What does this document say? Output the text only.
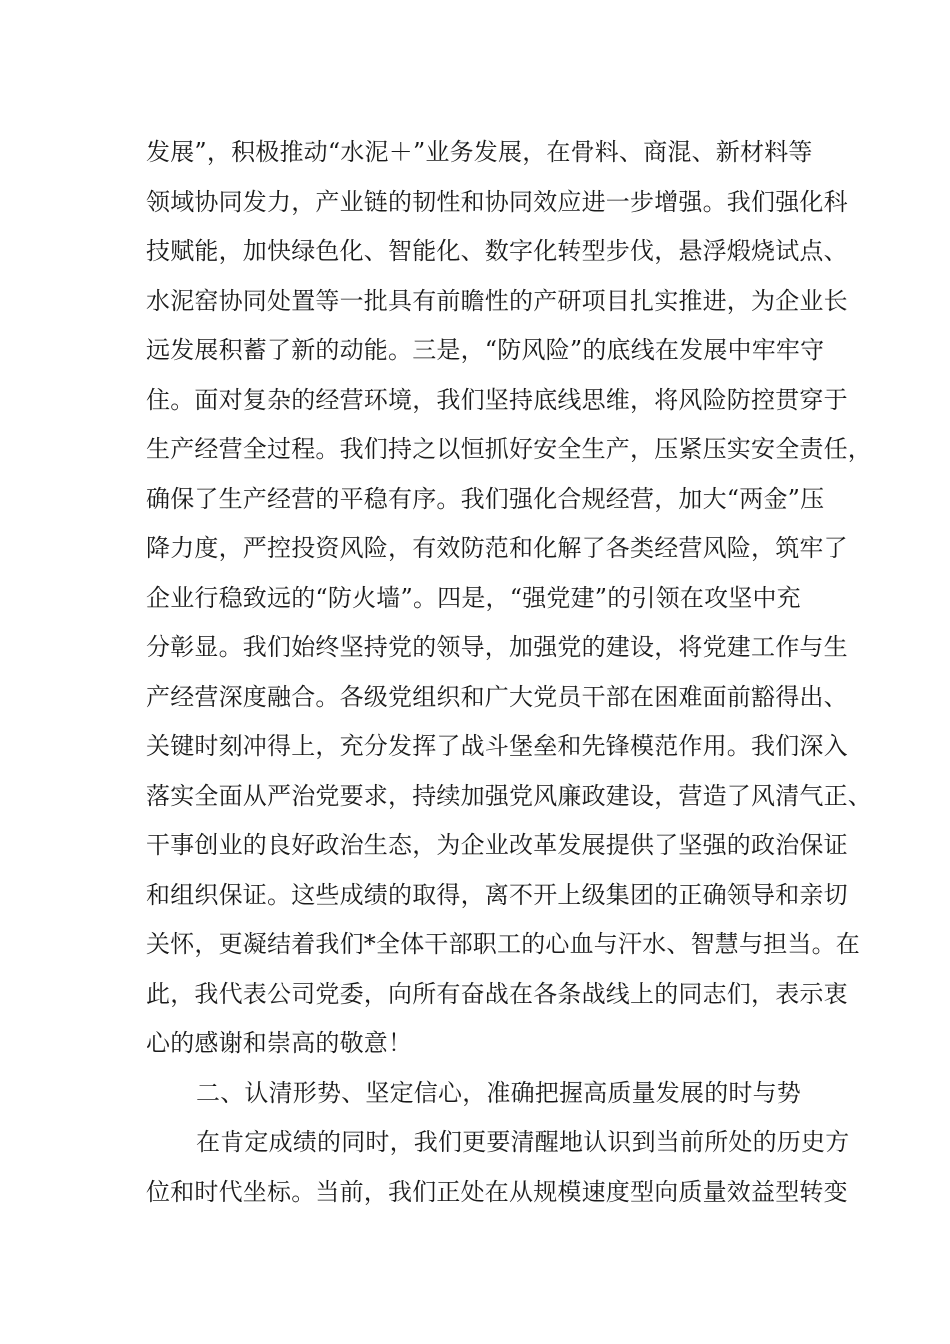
发展”，积极推动“水泥＋”业务发展，在骨料、商混、新材料等
领域协同发力，产业链的韧性和协同效应进一步增强。我们强化科
技赋能，加快绿色化、智能化、数字化转型步伐，悬浮煅烧试点、
水泥窑协同处置等一批具有前瞻性的产研项目扎实推进，为企业长
远发展积蓄了新的动能。三是，“防风险”的底线在发展中牢牢守
住。面对复杂的经营环境，我们坚持底线思维，将风险防控贯穿于
生产经营全过程。我们持之以恒抓好安全生产，压紧压实安全责任，
确保了生产经营的平稳有序。我们强化合规经营，加大“两金”压
降力度，严控投资风险，有效防范和化解了各类经营风险，筑牢了
企业行稳致远的“防火墙”。四是，“强党建”的引领在攻坚中充
分彰显。我们始终坚持党的领导，加强党的建设，将党建工作与生
产经营深度融合。各级党组织和广大党员干部在困难面前豁得出、
关键时刻冲得上，充分发挥了战斗堡垒和先锋模范作用。我们深入
落实全面从严治党要求，持续加强党风廉政建设，营造了风清气正、
干事创业的良好政治生态，为企业改革发展提供了坚强的政治保证
和组织保证。这些成绩的取得，离不开上级集团的正确领导和亲切
关怀，更凝结着我们*全体干部职工的心血与汗水、智慧与担当。在
此，我代表公司党委，向所有奋战在各条战线上的同志们，表示衷
心的感谢和崇高的敬意！
二、认清形势、坚定信心，准确把握高质量发展的时与势
在肯定成绩的同时，我们更要清醒地认识到当前所处的历史方
位和时代坐标。当前，我们正处在从规模速度型向质量效益型转变
